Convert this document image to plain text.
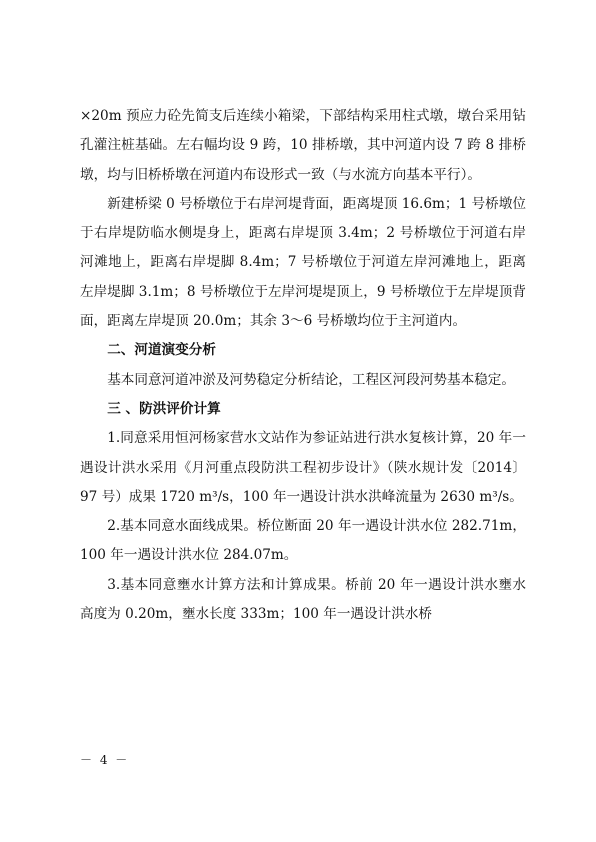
×20m 预应力砼先简支后连续小箱梁，下部结构采用柱式墩，墩台采用钻孔灌注桩基础。左右幅均设 9 跨，10 排桥墩，其中河道内设 7 跨 8 排桥墩，均与旧桥桥墩在河道内布设形式一致（与水流方向基本平行）。

新建桥梁 0 号桥墩位于右岸河堤背面，距离堤顶 16.6m；1 号桥墩位于右岸堤防临水侧堤身上，距离右岸堤顶 3.4m；2 号桥墩位于河道右岸河滩地上，距离右岸堤脚 8.4m；7 号桥墩位于河道左岸河滩地上，距离左岸堤脚 3.1m；8 号桥墩位于左岸河堤堤顶上，9 号桥墩位于左岸堤顶背面，距离左岸堤顶 20.0m；其余 3～6 号桥墩均位于主河道内。

二、河道演变分析

基本同意河道冲淤及河势稳定分析结论，工程区河段河势基本稳定。

三 、防洪评价计算

1.同意采用恒河杨家营水文站作为参证站进行洪水复核计算，20 年一遇设计洪水采用《月河重点段防洪工程初步设计》（陕水规计发〔2014〕97 号）成果 1720 m³/s，100 年一遇设计洪水洪峰流量为 2630 m³/s。

2.基本同意水面线成果。桥位断面 20 年一遇设计洪水位 282.71m，100 年一遇设计洪水位 284.07m。

3.基本同意壅水计算方法和计算成果。桥前 20 年一遇设计洪水壅水高度为 0.20m，壅水长度 333m；100 年一遇设计洪水桥

－ 4 －
